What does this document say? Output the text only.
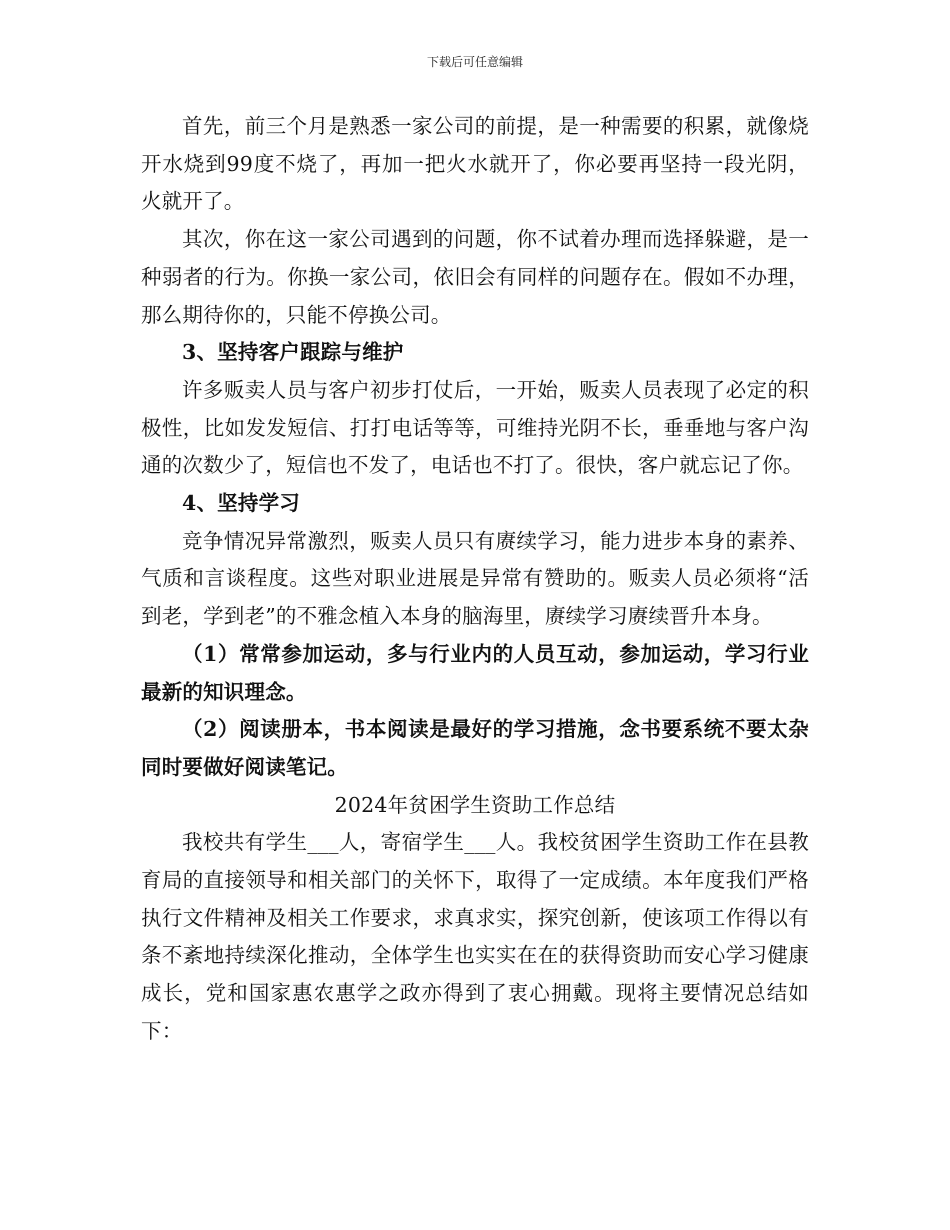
下载后可任意编辑

首先，前三个月是熟悉一家公司的前提，是一种需要的积累，就像烧开水烧到99度不烧了，再加一把火水就开了，你必要再坚持一段光阴，火就开了。

其次，你在这一家公司遇到的问题，你不试着办理而选择躲避，是一种弱者的行为。你换一家公司，依旧会有同样的问题存在。假如不办理，那么期待你的，只能不停换公司。

3、坚持客户跟踪与维护

许多贩卖人员与客户初步打仗后，一开始，贩卖人员表现了必定的积极性，比如发发短信、打打电话等等，可维持光阴不长，垂垂地与客户沟通的次数少了，短信也不发了，电话也不打了。很快，客户就忘记了你。

4、坚持学习

竞争情况异常激烈，贩卖人员只有赓续学习，能力进步本身的素养、气质和言谈程度。这些对职业进展是异常有赞助的。贩卖人员必须将“活到老，学到老”的不雅念植入本身的脑海里，赓续学习赓续晋升本身。

（1）常常参加运动，多与行业内的人员互动，参加运动，学习行业最新的知识理念。

（2）阅读册本，书本阅读是最好的学习措施，念书要系统不要太杂同时要做好阅读笔记。

2024年贫困学生资助工作总结

我校共有学生___人，寄宿学生___人。我校贫困学生资助工作在县教育局的直接领导和相关部门的关怀下，取得了一定成绩。本年度我们严格执行文件精神及相关工作要求，求真求实，探究创新，使该项工作得以有条不紊地持续深化推动，全体学生也实实在在的获得资助而安心学习健康成长，党和国家惠农惠学之政亦得到了衷心拥戴。现将主要情况总结如下：
